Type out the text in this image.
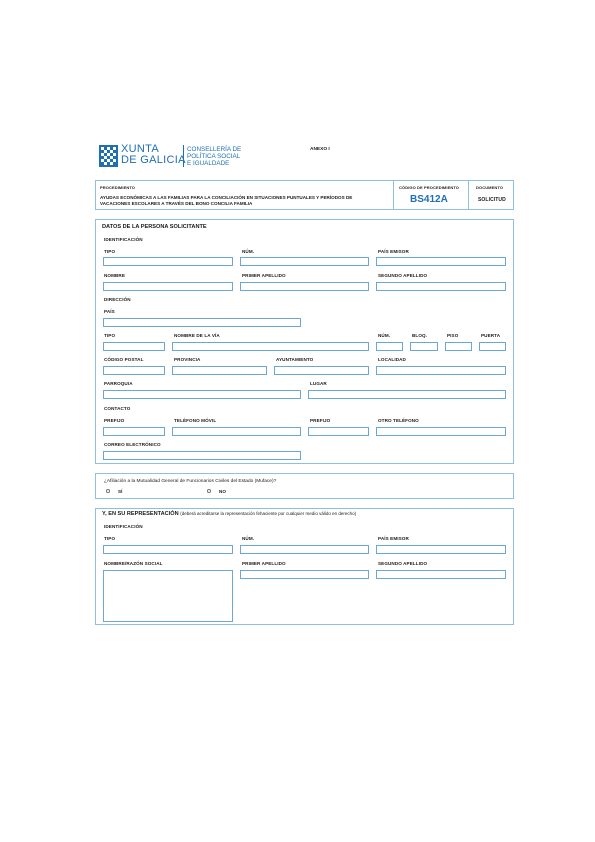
XUNTA
DE GALICIA
CONSELLERÍA DE
POLÍTICA SOCIAL
E IGUALDADE
ANEXO I
PROCEDIMIENTO
AYUDAS ECONÓMICAS A LAS FAMILIAS PARA LA CONCILIACIÓN EN SITUACIONES PUNTUALES Y PERÍODOS DE
VACACIONES ESCOLARES A TRAVÉS DEL BONO CONCILIA FAMILIA
CÓDIGO DE PROCEDIMIENTO
BS412A
DOCUMENTO
SOLICITUD
DATOS DE LA PERSONA SOLICITANTE
IDENTIFICACIÓN
TIPO	NÚM.	PAÍS EMISOR
NOMBRE	PRIMER APELLIDO	SEGUNDO APELLIDO
DIRECCIÓN
PAÍS
TIPO	NOMBRE DE LA VÍA	NÚM.	BLOQ.	PISO	PUERTA
CÓDIGO POSTAL	PROVINCIA	AYUNTAMIENTO	LOCALIDAD
PARROQUIA	LUGAR
CONTACTO
PREFIJO	TELÉFONO MÓVIL	PREFIJO	OTRO TELÉFONO
CORREO ELECTRÓNICO
¿Afiliación a la Mutualidad General de Funcionarios Civiles del Estado (Muface)?
SÍ	NO
Y, EN SU REPRESENTACIÓN (deberá acreditarse la representación fehaciente por cualquier medio válido en derecho)
IDENTIFICACIÓN
TIPO	NÚM.	PAÍS EMISOR
NOMBRE/RAZÓN SOCIAL	PRIMER APELLIDO	SEGUNDO APELLIDO
